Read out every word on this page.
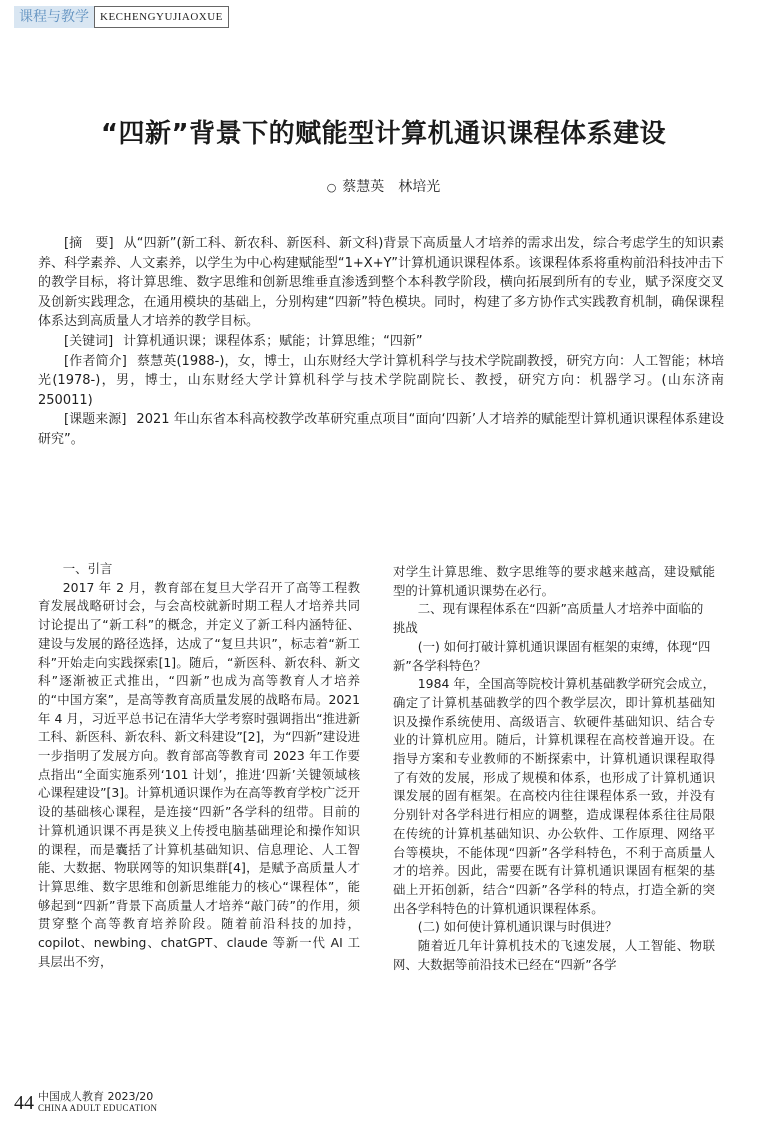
课程与教学	KECHENGYUJIAOXUE
“四新”背景下的赋能型计算机通识课程体系建设
○ 蔡慧英 林培光

[摘　要] 从“四新”(新工科、新农科、新医科、新文科)背景下高质量人才培养的需求出发，综合考虑学生的知识素养、科学素养、人文素养，以学生为中心构建赋能型“1+X+Y”计算机通识课程体系。该课程体系将重构前沿科技冲击下的教学目标，将计算思维、数字思维和创新思维垂直渗透到整个本科教学阶段，横向拓展到所有的专业，赋予深度交叉及创新实践理念，在通用模块的基础上，分别构建“四新”特色模块。同时，构建了多方协作式实践教育机制，确保课程体系达到高质量人才培养的教学目标。

[关键词] 计算机通识课；课程体系；赋能；计算思维；“四新”

[作者简介] 蔡慧英(1988-)，女，博士，山东财经大学计算机科学与技术学院副教授，研究方向：人工智能；林培光(1978-)，男，博士，山东财经大学计算机科学与技术学院副院长、教授，研究方向：机器学习。(山东济南　250011)

[课题来源] 2021 年山东省本科高校教学改革研究重点项目“面向‘四新’人才培养的赋能型计算机通识课程体系建设研究”。

一、引言

2017 年 2 月，教育部在复旦大学召开了高等工程教育发展战略研讨会，与会高校就新时期工程人才培养共同讨论提出了“新工科”的概念，并定义了新工科内涵特征、建设与发展的路径选择，达成了“复旦共识”，标志着“新工科”开始走向实践探索[1]。随后，“新医科、新农科、新文科”逐渐被正式推出，“四新”也成为高等教育人才培养的“中国方案”，是高等教育高质量发展的战略布局。2021 年 4 月，习近平总书记在清华大学考察时强调指出“推进新工科、新医科、新农科、新文科建设”[2]，为“四新”建设进一步指明了发展方向。教育部高等教育司 2023 年工作要点指出“全面实施系列‘101 计划’，推进‘四新’关键领域核心课程建设”[3]。计算机通识课作为在高等教育学校广泛开设的基础核心课程，是连接“四新”各学科的纽带。目前的计算机通识课不再是狭义上传授电脑基础理论和操作知识的课程，而是囊括了计算机基础知识、信息理论、人工智能、大数据、物联网等的知识集群[4]，是赋予高质量人才计算思维、数字思维和创新思维能力的核心“课程体”，能够起到“四新”背景下高质量人才培养“敲门砖”的作用，须贯穿整个高等教育培养阶段。随着前沿科技的加持，copilot、newbing、chatGPT、claude 等新一代 AI 工具层出不穷，

对学生计算思维、数字思维等的要求越来越高，建设赋能型的计算机通识课势在必行。

二、现有课程体系在“四新”高质量人才培养中面临的挑战
(一) 如何打破计算机通识课固有框架的束缚，体现“四新”各学科特色？

1984 年，全国高等院校计算机基础教学研究会成立，确定了计算机基础教学的四个教学层次，即计算机基础知识及操作系统使用、高级语言、软硬件基础知识、结合专业的计算机应用。随后，计算机课程在高校普遍开设。在指导方案和专业教师的不断探索中，计算机通识课程取得了有效的发展，形成了规模和体系，也形成了计算机通识课发展的固有框架。在高校内往往课程体系一致，并没有分别针对各学科进行相应的调整，造成课程体系往往局限在传统的计算机基础知识、办公软件、工作原理、网络平台等模块，不能体现“四新”各学科特色，不利于高质量人才的培养。因此，需要在既有计算机通识课固有框架的基础上开拓创新，结合“四新”各学科的特点，打造全新的突出各学科特色的计算机通识课程体系。

(二) 如何使计算机通识课与时俱进？

随着近几年计算机技术的飞速发展，人工智能、物联网、大数据等前沿技术已经在“四新”各学

44 中国成人教育 2023/20
CHINA ADULT EDUCATION
